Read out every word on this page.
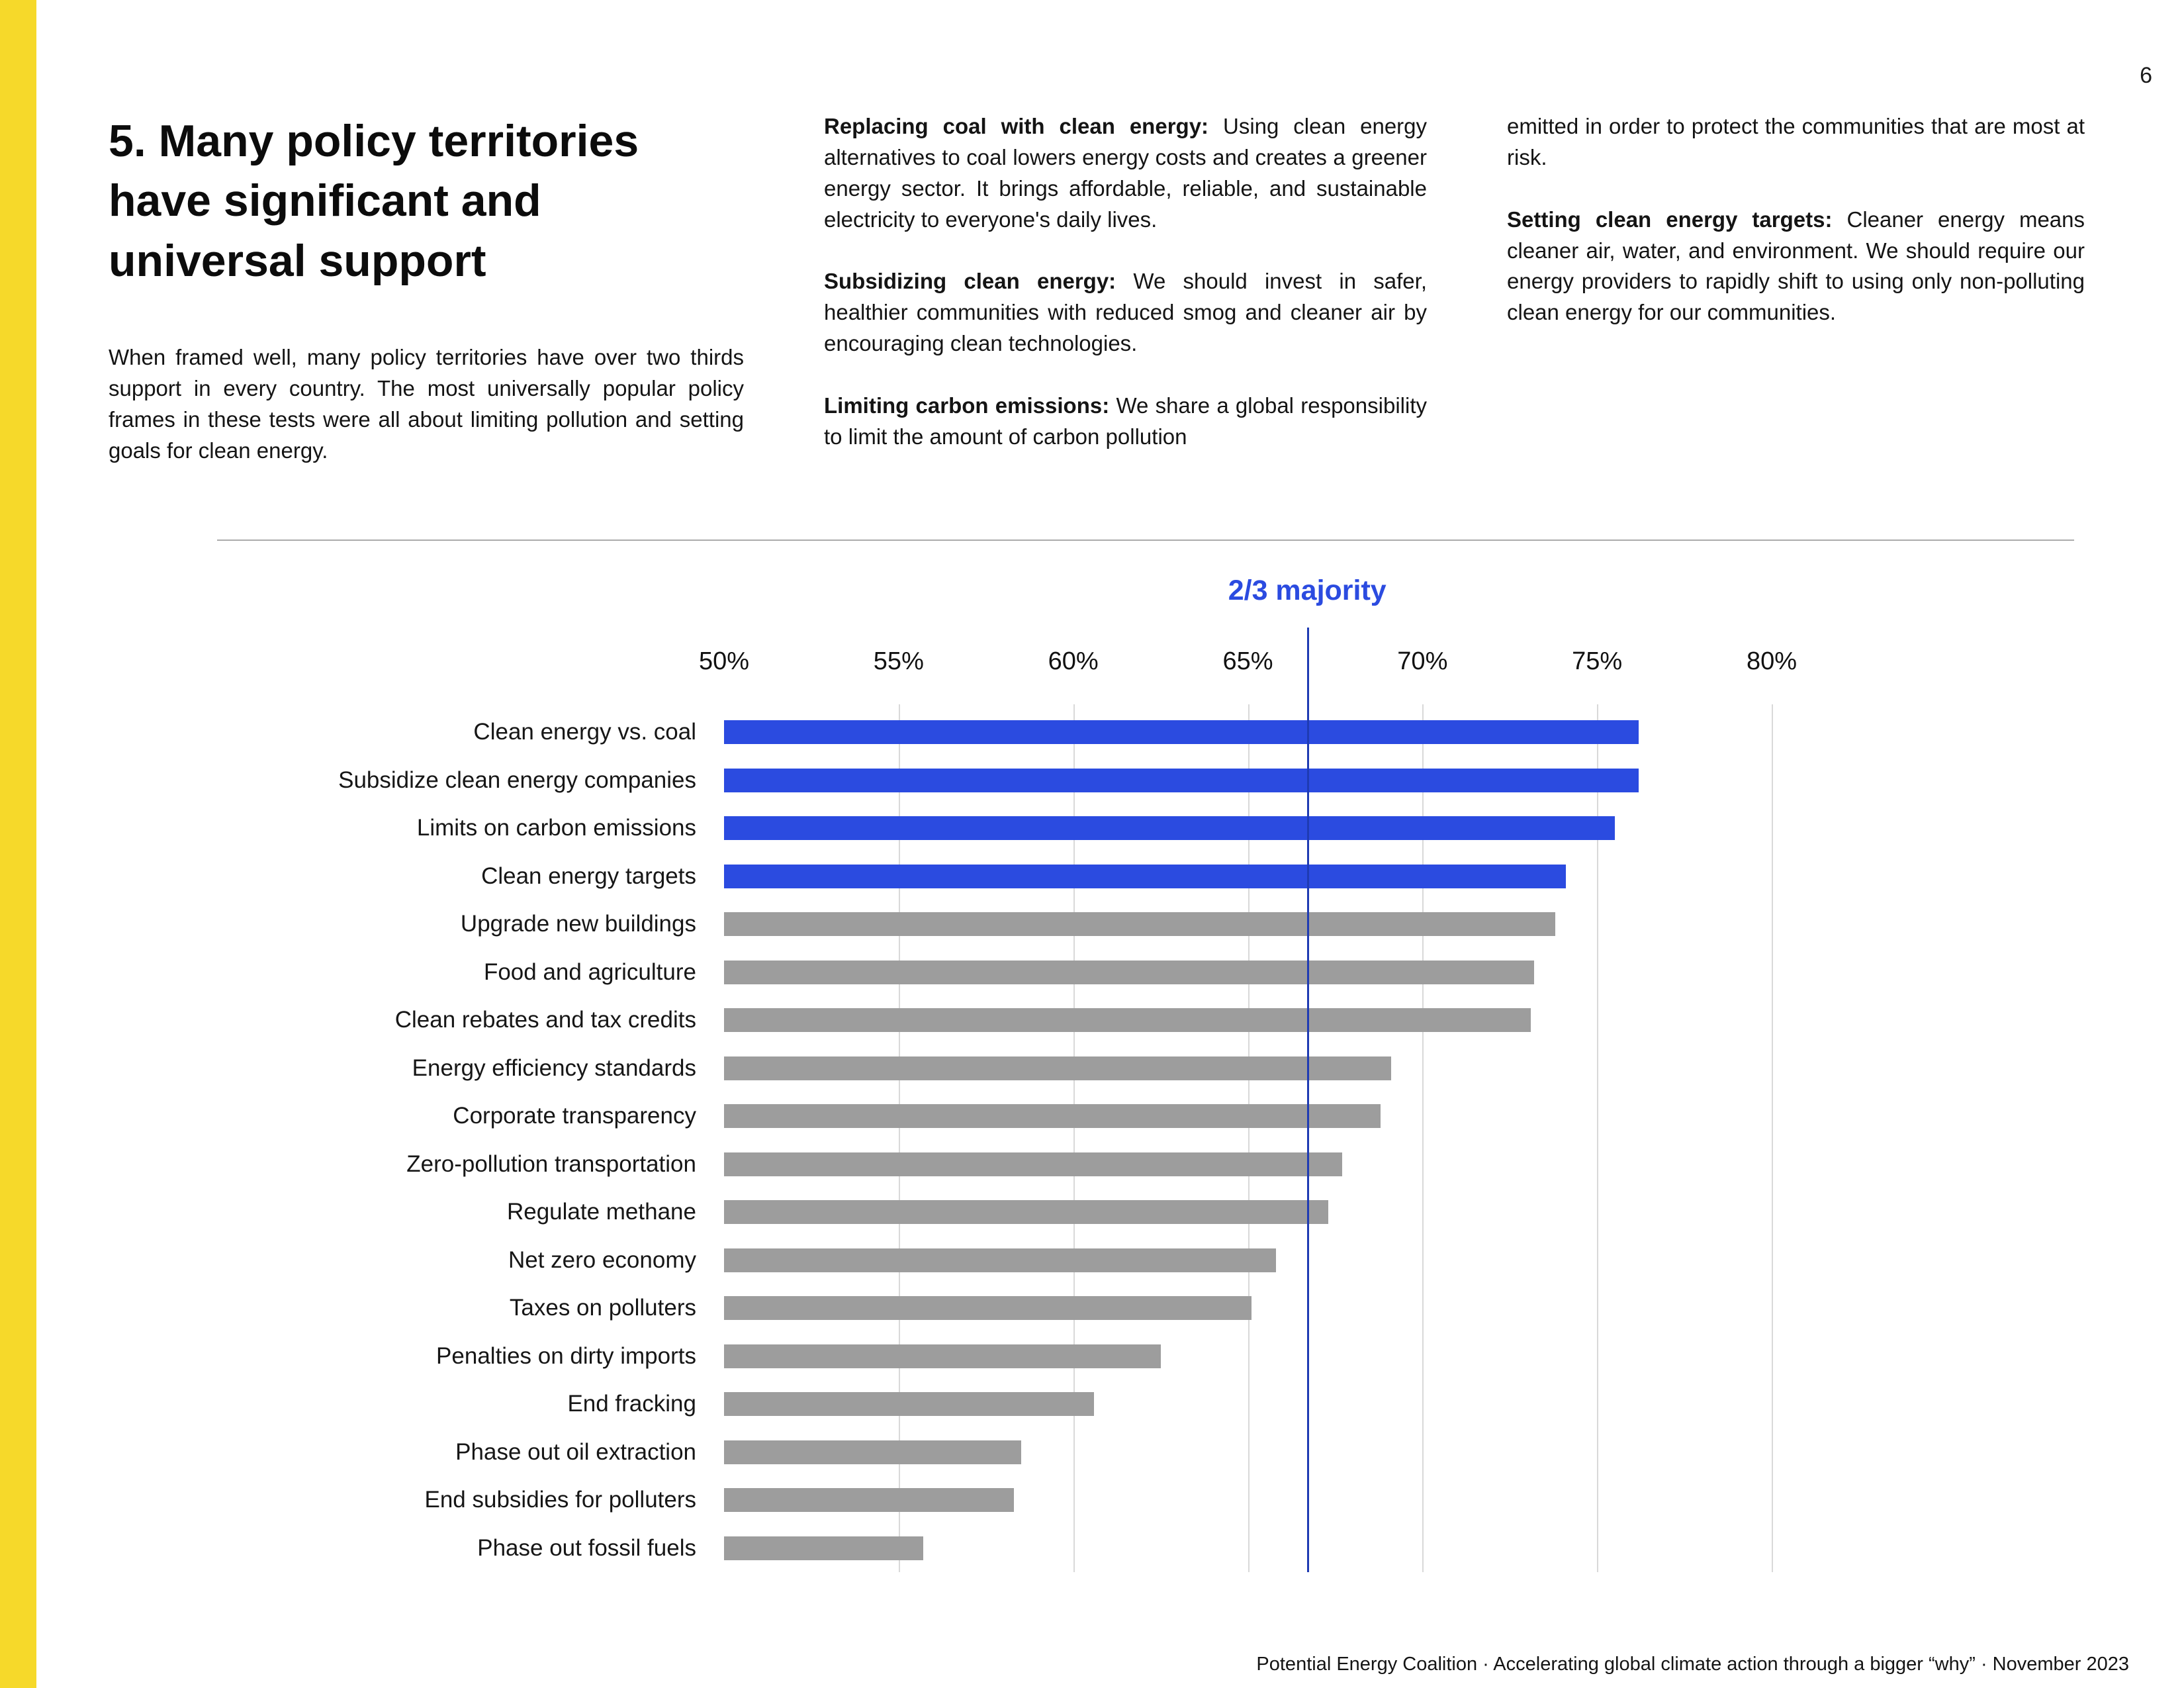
6
5. Many policy territories have significant and universal support

When framed well, many policy territories have over two thirds support in every country. The most universally popular policy frames in these tests were all about limiting pollution and setting goals for clean energy.

Replacing coal with clean energy: Using clean energy alternatives to coal lowers energy costs and creates a greener energy sector. It brings affordable, reliable, and sustainable electricity to everyone's daily lives.

Subsidizing clean energy: We should invest in safer, healthier communities with reduced smog and cleaner air by encouraging clean technologies.

Limiting carbon emissions: We share a global responsibility to limit the amount of carbon pollution

emitted in order to protect the communities that are most at risk.

Setting clean energy targets: Cleaner energy means cleaner air, water, and environment. We should require our energy providers to rapidly shift to using only non-polluting clean energy for our communities.

Clean energy vs. coal
Subsidize clean energy companies
Limits on carbon emissions
Clean energy targets
Upgrade new buildings
Food and agriculture
Clean rebates and tax credits
Energy efficiency standards
Corporate transparency
Zero-pollution transportation
Regulate methane
Net zero economy
Taxes on polluters
Penalties on dirty imports
End fracking
Phase out oil extraction
End subsidies for polluters
Phase out fossil fuels
50%	55%	60%	65%	70%	75%	80%
2/3 majority
Potential Energy Coalition · Accelerating global climate action through a bigger “why” · November 2023
